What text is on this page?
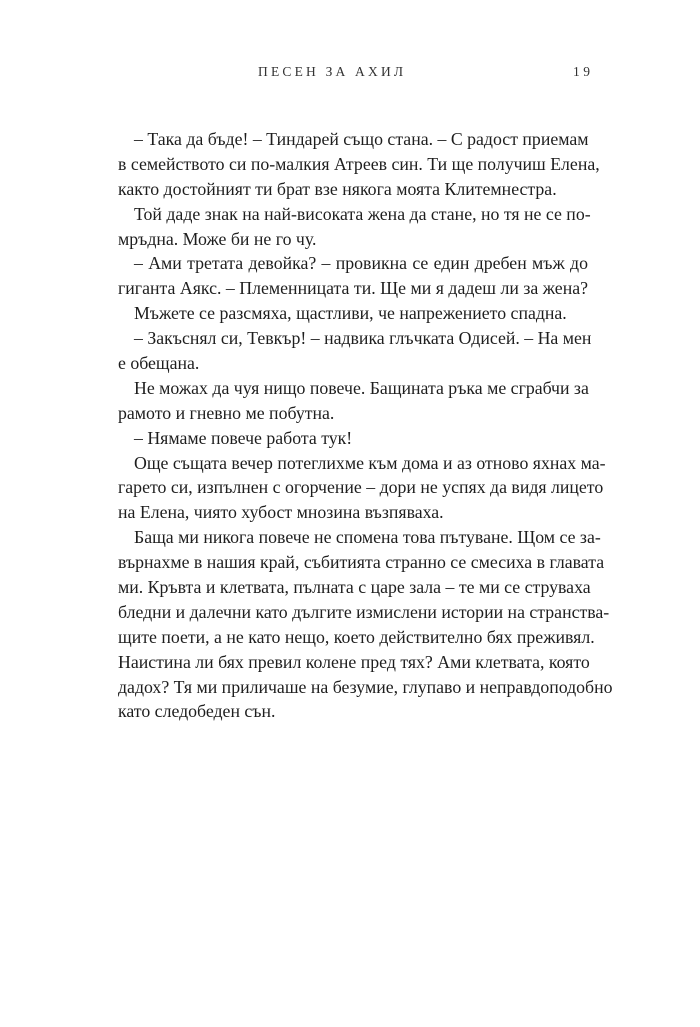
ПЕСЕН ЗА АХИЛ	19
– Така да бъде! – Тиндарей също стана. – С радост приемам
в семейството си по-малкия Атреев син. Ти ще получиш Елена,
както достойният ти брат взе някога моята Клитемнестра.
Той даде знак на най-високата жена да стане, но тя не се по-
мръдна. Може би не го чу.
– Ами третата девойка? – провикна се един дребен мъж до
гиганта Аякс. – Племенницата ти. Ще ми я дадеш ли за жена?
Мъжете се разсмяха, щастливи, че напрежението спадна.
– Закъснял си, Тевкър! – надвика глъчката Одисей. – На мен
е обещана.
Не можах да чуя нищо повече. Бащината ръка ме сграбчи за
рамото и гневно ме побутна.
– Нямаме повече работа тук!
Още същата вечер потеглихме към дома и аз отново яхнах ма-
гарето си, изпълнен с огорчение – дори не успях да видя лицето
на Елена, чиято хубост мнозина възпяваха.
Баща ми никога повече не спомена това пътуване. Щом се за-
върнахме в нашия край, събитията странно се смесиха в главата
ми. Кръвта и клетвата, пълната с царе зала – те ми се струваха
бледни и далечни като дългите измислени истории на странства-
щите поети, а не като нещо, което действително бях преживял.
Наистина ли бях превил колене пред тях? Ами клетвата, която
дадох? Тя ми приличаше на безумие, глупаво и неправдоподобно
като следобеден сън.
